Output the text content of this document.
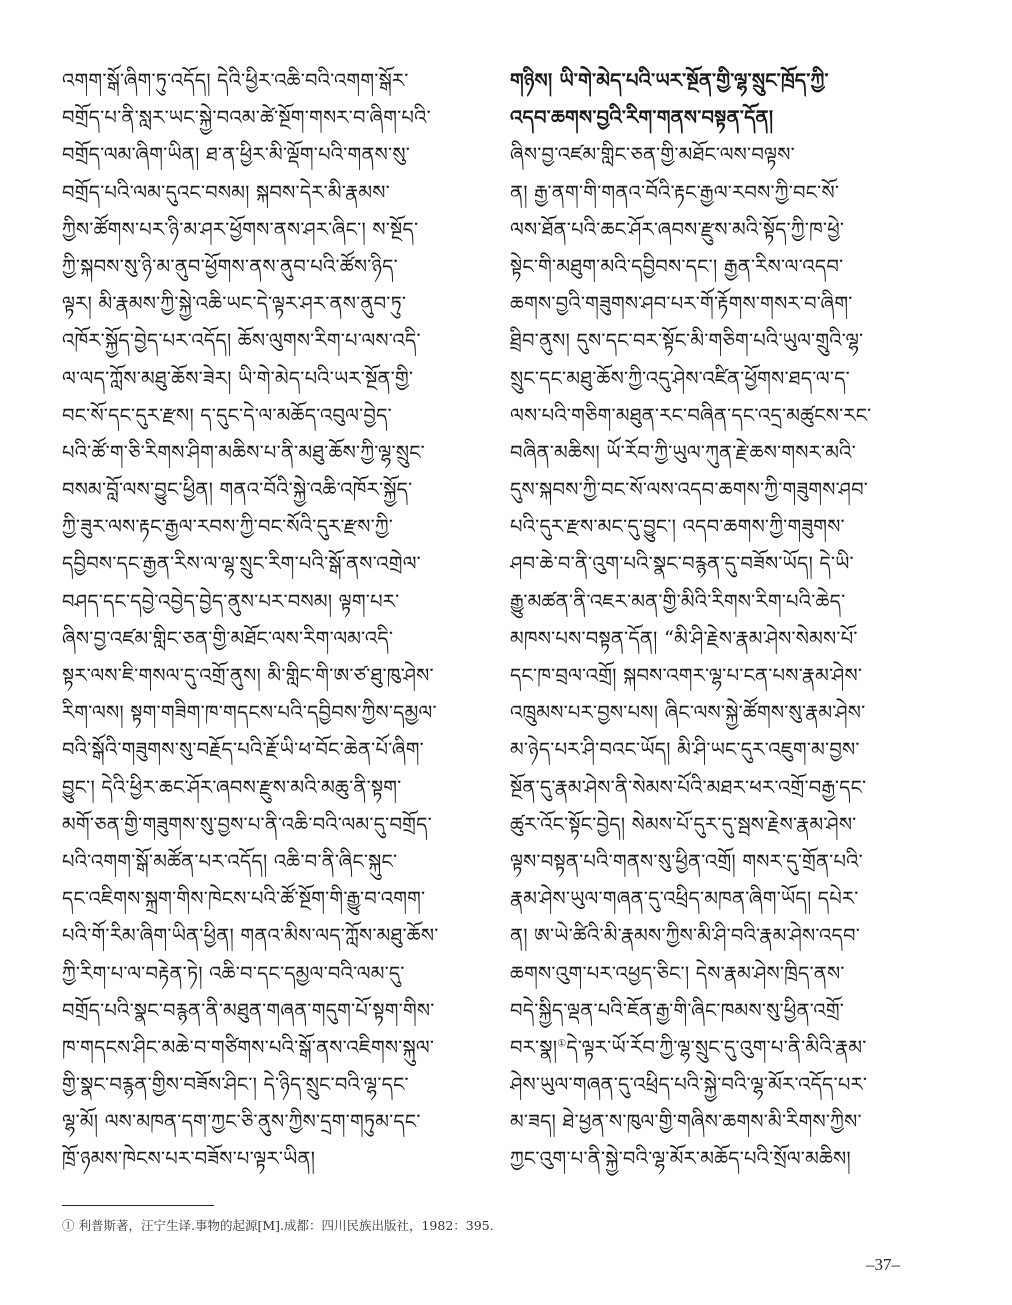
འགག་སྒོ་ཞིག་ཏུ་འདོད། དེའི་ཕྱིར་འཆི་བའི་འགག་སྒོར་
བགྲོད་པ་ནི་སླར་ཡང་སྐྱེ་བའམ་ཚེ་སྔོག་གསར་བ་ཞིག་པའི་
བགྲོད་ལམ་ཞིག་ཡིན། ཐ་ན་ཕྱིར་མི་ལྡོག་པའི་གནས་སུ་
བགྲོད་པའི་ལམ་དུའང་བསམ། སྐབས་དེར་མི་རྣམས་
ཀྱིས་ཚོགས་པར་ཉི་མ་ཤར་ཕྱོགས་ནས་ཤར་ཞིང་། ས་སྔོད་
ཀྱི་སྐབས་སུ་ཉི་མ་ནུབ་ཕྱོགས་ནས་ནུབ་པའི་ཚོས་ཉིད་
ལྟར། མི་རྣམས་ཀྱི་སྐྱེ་འཆི་ཡང་དེ་ལྟར་ཤར་ནས་ནུབ་ཏུ་
འཁོར་སྐྱོད་བྱེད་པར་འདོད། ཆོས་ལུགས་རིག་པ་ལས་འདི་
ལ་ལད་ཀློས་མཐུ་ཆོས་ཟེར། ཡི་གེ་མེད་པའི་ཡར་སྔོན་གྱི་
བང་སོ་དང་དུར་རྫས། ད་དུང་དེ་ལ་མཆོད་འབུལ་བྱེད་
པའི་ཚོ་ག་ཅི་རིགས་ཤིག་མཆིས་པ་ནི་མཐུ་ཆོས་ཀྱི་ལྷ་སྲུང་
བསམ་བློ་ལས་བྱུང་ཕྱིན། གནའ་བོའི་སྐྱེ་འཆི་འཁོར་སྐྱོད་
ཀྱི་ཟུར་ལས་རྟང་རྒྱལ་རབས་ཀྱི་བང་སོའི་དུར་རྫས་ཀྱི་
དབྱིབས་དང་རྒྱན་རིས་ལ་ལྷ་སྲུང་རིག་པའི་སྒོ་ནས་འགྲེལ་
བཤད་དང་དབྱེ་འབྱེད་བྱེད་ནུས་པར་བསམ། ལྟག་པར་
ཞིས་བྱ་འཛམ་གླིང་ཅན་གྱི་མཐོང་ལས་རིག་ལམ་འདི་
སྟར་ལས་ཇི་གསལ་དུ་འགྲོ་ནུས། མི་གླིང་གི་ཨ་ཙ་ཐུ་ཁུ་ཤེས་
རིག་ལས། སྟག་གཟིག་ཁ་གདངས་པའི་དབྱིབས་ཀྱིས་དམྱལ་
བའི་སྒོའི་གཟུགས་སུ་བརྗོད་པའི་རྗོ་ཡི་ཕ་བོང་ཆེན་པོ་ཞིག་
བྱུང་། དེའི་ཕྱིར་ཆང་ཤོར་ཞབས་རྫུས་མའི་མཆུ་ནི་སྟག་
མགོ་ཅན་གྱི་གཟུགས་སུ་བྱས་པ་ནི་འཆི་བའི་ལམ་དུ་བགྲོད་
པའི་འགག་སྒོ་མཚོན་པར་འདོད། འཆི་བ་ནི་ཞིང་སྐུང་
དང་འཇིགས་སྐྲག་གིས་ཁེངས་པའི་ཚོ་སྔོག་གི་རྒྱུ་བ་འགག་
པའི་གོ་རིམ་ཞིག་ཡིན་ཕྱིན། གནའ་མིས་ལད་ཀློས་མཐུ་ཆོས་
ཀྱི་རིག་པ་ལ་བརྟེན་ཏེ། འཆི་བ་དང་དམྱལ་བའི་ལམ་དུ་
བགྲོད་པའི་སྣང་བརྙན་ནི་མཐུན་གཞན་གདུག་པོ་སྟག་གིས་
ཁ་གདངས་ཤིང་མཆེ་བ་གཙིགས་པའི་སྒོ་ནས་འཇིགས་སྐུལ་
གྱི་སྣང་བརྙན་གྱིས་བཟོས་ཤིང་། དེ་ཉིད་སྲུང་བའི་ལྷ་དང་
ལྷ་མོ། ལས་མཁན་དག་ཀྱང་ཅི་ནུས་ཀྱིས་དྲག་གཏུམ་དང་
ཁྲོ་ཉམས་ཁེངས་པར་བཟོས་པ་ལྟར་ཡིན།
གཉིས། ཡི་གེ་མེད་པའི་ཡར་སྔོན་གྱི་ལྷ་སྲུང་ཁྲོད་ཀྱི་
འདབ་ཆགས་བྱའི་རིག་གནས་བསྟན་དོན།
ཞིས་བྱ་འཛམ་གླིང་ཅན་གྱི་མཐོང་ལས་བལྟས་
ན། རྒྱ་ནག་གི་གནའ་བོའི་རྟང་རྒྱལ་རབས་ཀྱི་བང་སོ་
ལས་ཐོན་པའི་ཆང་ཤོར་ཞབས་རྫུས་མའི་སྟོད་ཀྱི་ཁ་ཕྱེ་
སྟེང་གི་མཐུག་མའི་དབྱིབས་དང་། རྒྱན་རིས་ལ་འདབ་
ཆགས་བྱའི་གཟུགས་ཤབ་པར་གོ་རྟོགས་གསར་བ་ཞིག་
ཐྲིབ་ནུས། དུས་དང་བར་སྟོང་མི་གཅིག་པའི་ཡུལ་གྲུའི་ལྷ་
སྲུང་དང་མཐུ་ཆོས་ཀྱི་འདུ་ཤེས་འཛིན་ཕྱོགས་ཐད་ལ་ད་
ལས་པའི་གཅིག་མཐུན་རང་བཞིན་དང་འདྲ་མཚུངས་རང་
བཞིན་མཆིས། ཡོ་རོབ་ཀྱི་ཡུལ་ཀུན་རྗེ་ཆས་གསར་མའི་
དུས་སྐབས་ཀྱི་བང་སོ་ལས་འདབ་ཆགས་ཀྱི་གཟུགས་ཤབ་
པའི་དུར་རྫས་མང་དུ་བྱུང་། འདབ་ཆགས་ཀྱི་གཟུགས་
ཤབ་ཆེ་བ་ནི་འུག་པའི་སྣང་བརྙན་དུ་བཟོས་ཡོད། དེ་ཡི་
རྒྱུ་མཚན་ནི་འཇར་མན་གྱི་མིའི་རིགས་རིག་པའི་ཆེད་
མཁས་པས་བསྟན་དོན། “མི་ཤི་རྗེས་རྣམ་ཤེས་སེམས་པོ་
དང་ཁ་བྲལ་འགྲོ། སྐབས་འགར་ལྷ་པ་ངན་པས་རྣམ་ཤེས་
འཁྲུམས་པར་བྱས་པས། ཞིང་ལས་སྐྱེ་ཚོགས་སུ་རྣམ་ཤེས་
མ་ཉེད་པར་ཤི་བའང་ཡོད། མི་ཤི་ཡང་དུར་འཇུག་མ་བྱས་
སྔོན་དུ་རྣམ་ཤེས་ནི་སེམས་པོའི་མཐར་ཕར་འགྲོ་བརྒྱ་དང་
ཚུར་འོང་སྟོང་བྱེད། སེམས་པོ་དུར་དུ་སྦས་རྗེས་རྣམ་ཤེས་
ལྟས་བསྟན་པའི་གནས་སུ་ཕྱིན་འགྲོ། གསར་དུ་གྲོན་པའི་
རྣམ་ཤེས་ཡུལ་གཞན་དུ་འཕྲིད་མཁན་ཞིག་ཡོད། དཔེར་
ན། ཨ་ཡེ་ཚིའི་མི་རྣམས་ཀྱིས་མི་ཤི་བའི་རྣམ་ཤེས་འདབ་
ཆགས་འུག་པར་འཕྱད་ཅིང་། དེས་རྣམ་ཤེས་ཁྲིད་ནས་
བདེ་སྐྱིད་ལྡན་པའི་ཇོན་རྒྱ་གི་ཞིང་ཁམས་སུ་ཕྱིན་འགྲོ་
བར་སྣ།①དེ་ལྟར་ཡོ་རོབ་ཀྱི་ལྷ་སྲུང་དུ་འུག་པ་ནི་མིའི་རྣམ་
ཤེས་ཡུལ་གཞན་དུ་འཕྲིད་པའི་སྐྱེ་བའི་ལྷ་མོར་འདོད་པར་
མ་ཟད། ཐེ་ཕྱན་ས་ཁུལ་གྱི་གཞིས་ཆགས་མི་རིགས་ཀྱིས་
ཀྱང་འུག་པ་ནི་སྐྱེ་བའི་ལྷ་མོར་མཆོད་པའི་སྲོལ་མཆིས།
① 利普斯著，汪宁生译.事物的起源[M].成都：四川民族出版社，1982：395.
–37–
